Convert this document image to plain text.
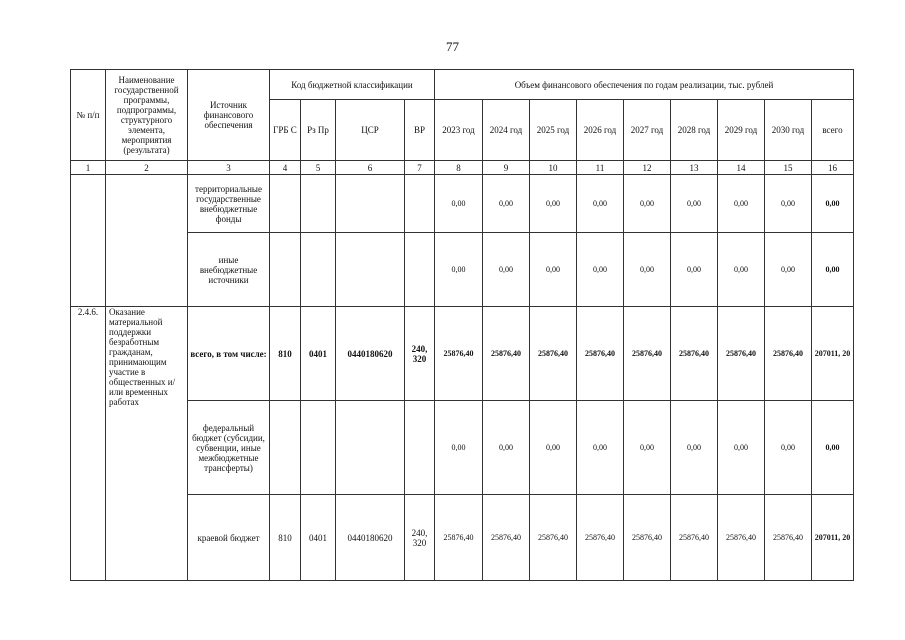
77
№ п/п	Наименование государственной программы, подпрограммы, структурного элемента, мероприятия (результата)	Источник финансового обеспечения	Код бюджетной классификации				Объем финансового обеспечения по годам реализации, тыс. рублей								
			ГРБ С	Рз Пр	ЦСР	ВР	2023 год	2024 год	2025 год	2026 год	2027 год	2028 год	2029 год	2030 год	всего
1	2	3	4	5	6	7	8	9	10	11	12	13	14	15	16
		территориальные государственные внебюджетные фонды					0,00	0,00	0,00	0,00	0,00	0,00	0,00	0,00	0,00
		иные внебюджетные источники					0,00	0,00	0,00	0,00	0,00	0,00	0,00	0,00	0,00
2.4.6.	Оказание материальной поддержки безработным гражданам, принимающим участие в общественных и/или временных работах	всего, в том числе:	810	0401	0440180620	240, 320	25876,40	25876,40	25876,40	25876,40	25876,40	25876,40	25876,40	25876,40	207011, 20
		федеральный бюджет (субсидии, субвенции, иные межбюджетные трансферты)					0,00	0,00	0,00	0,00	0,00	0,00	0,00	0,00	0,00
		краевой бюджет	810	0401	0440180620	240, 320	25876,40	25876,40	25876,40	25876,40	25876,40	25876,40	25876,40	25876,40	207011, 20
